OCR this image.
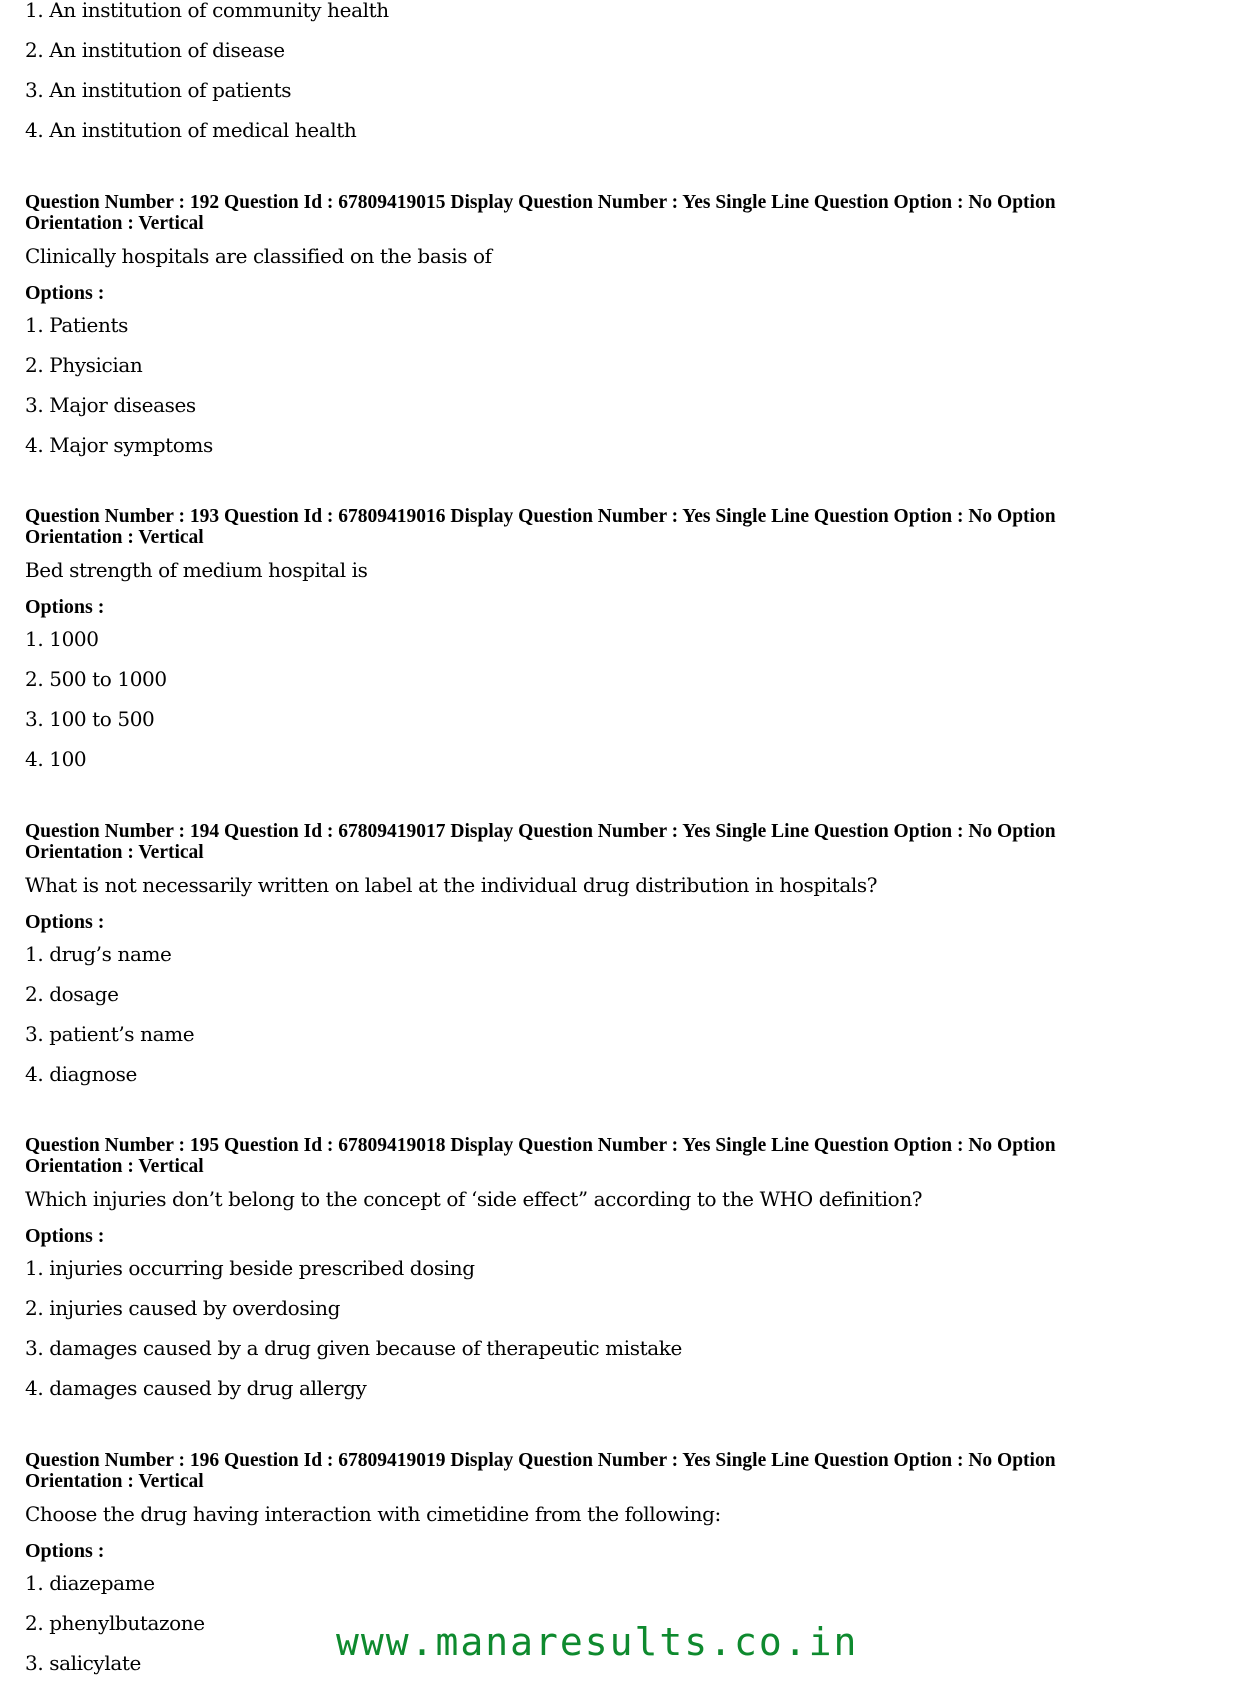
1. An institution of community health
2. An institution of disease
3. An institution of patients
4. An institution of medical health
Question Number : 192 Question Id : 67809419015 Display Question Number : Yes Single Line Question Option : No Option
Orientation : Vertical
Clinically hospitals are classified on the basis of
Options :
1. Patients
2. Physician
3. Major diseases
4. Major symptoms
Question Number : 193 Question Id : 67809419016 Display Question Number : Yes Single Line Question Option : No Option
Orientation : Vertical
Bed strength of medium hospital is
Options :
1. 1000
2. 500 to 1000
3. 100 to 500
4. 100
Question Number : 194 Question Id : 67809419017 Display Question Number : Yes Single Line Question Option : No Option
Orientation : Vertical
What is not necessarily written on label at the individual drug distribution in hospitals?
Options :
1. drug’s name
2. dosage
3. patient’s name
4. diagnose
Question Number : 195 Question Id : 67809419018 Display Question Number : Yes Single Line Question Option : No Option
Orientation : Vertical
Which injuries don’t belong to the concept of ‘side effect” according to the WHO definition?
Options :
1. injuries occurring beside prescribed dosing
2. injuries caused by overdosing
3. damages caused by a drug given because of therapeutic mistake
4. damages caused by drug allergy
Question Number : 196 Question Id : 67809419019 Display Question Number : Yes Single Line Question Option : No Option
Orientation : Vertical
Choose the drug having interaction with cimetidine from the following:
Options :
1. diazepame
2. phenylbutazone
3. salicylate	www.manaresults.co.in
